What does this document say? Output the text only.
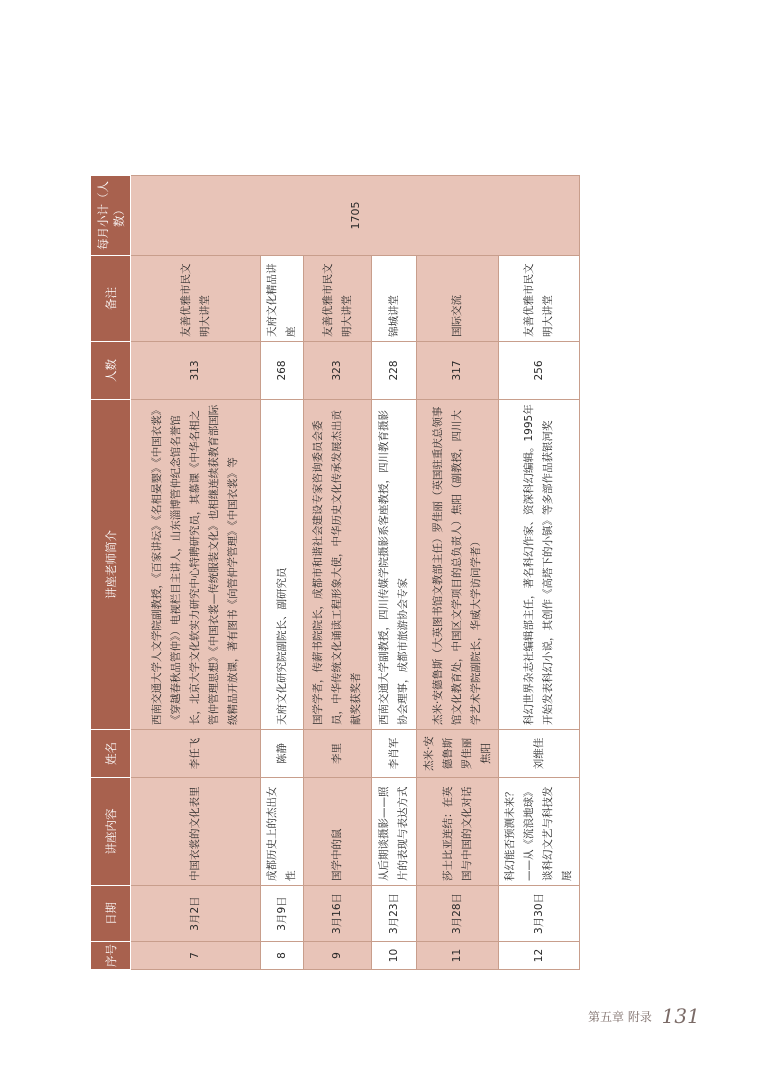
序号	日期	讲座内容	姓名	讲座老师简介	人数	备注	每月小计（人数）
7	3月2日	中国衣裳的文化表里	李任飞	西南交通大学人文学院副教授，《百家讲坛》《名相晏婴》《中国衣裳》《穿越春秋品管仲》）电视栏目主讲人，山东淄博管仲纪念馆名誉馆长，北京大学文化软实力研究中心特聘研究员，其慕课《中华名相之管仲管理思想》《中国衣裳—传统服装文化》也相继连续获教育部国际级精品开放课，著有图书《向管仲学管理》《中国衣裳》等	313	友善优雅市民文明大讲堂	1705
8	3月9日	成都历史上的杰出女性	陈静	天府文化研究院副院长、副研究员	268	天府文化精品讲座	
9	3月16日	国学中的鼠	李里	国学学者，传薪书院院长，成都市和谐社会建设专家咨询委员会委员，中华传统文化诵读工程形象大使，中华历史文化传承发展杰出贡献奖获奖者	323	友善优雅市民文明大讲堂	
10	3月23日	从后期谈摄影——照片的表现与表达方式	李肖军	西南交通大学副教授，四川传媒学院摄影系客座教授，四川教育摄影协会理事，成都市旅游协会专家	228	锦城讲堂	
11	3月28日	莎士比亚连结：在英国与中国的文化对话	杰米·安德鲁斯 罗佳丽 焦阳	杰米·安德鲁斯（大英图书馆文教部主任）罗佳丽（英国驻重庆总领事馆文化教育处，中国区文学项目的总负责人）焦阳（副教授，四川大学艺术学院副院长，华威大学访问学者）	317	国际交流	
12	3月30日	科幻能否预测未来？——从《流浪地球》谈科幻文艺与科技发展	刘维佳	科幻世界杂志社编辑部主任，著名科幻作家、资深科幻编辑。1995年开始发表科幻小说，其创作《高塔下的小镇》等多部作品获银河奖	256	友善优雅市民文明大讲堂	
第五章 附录 131
